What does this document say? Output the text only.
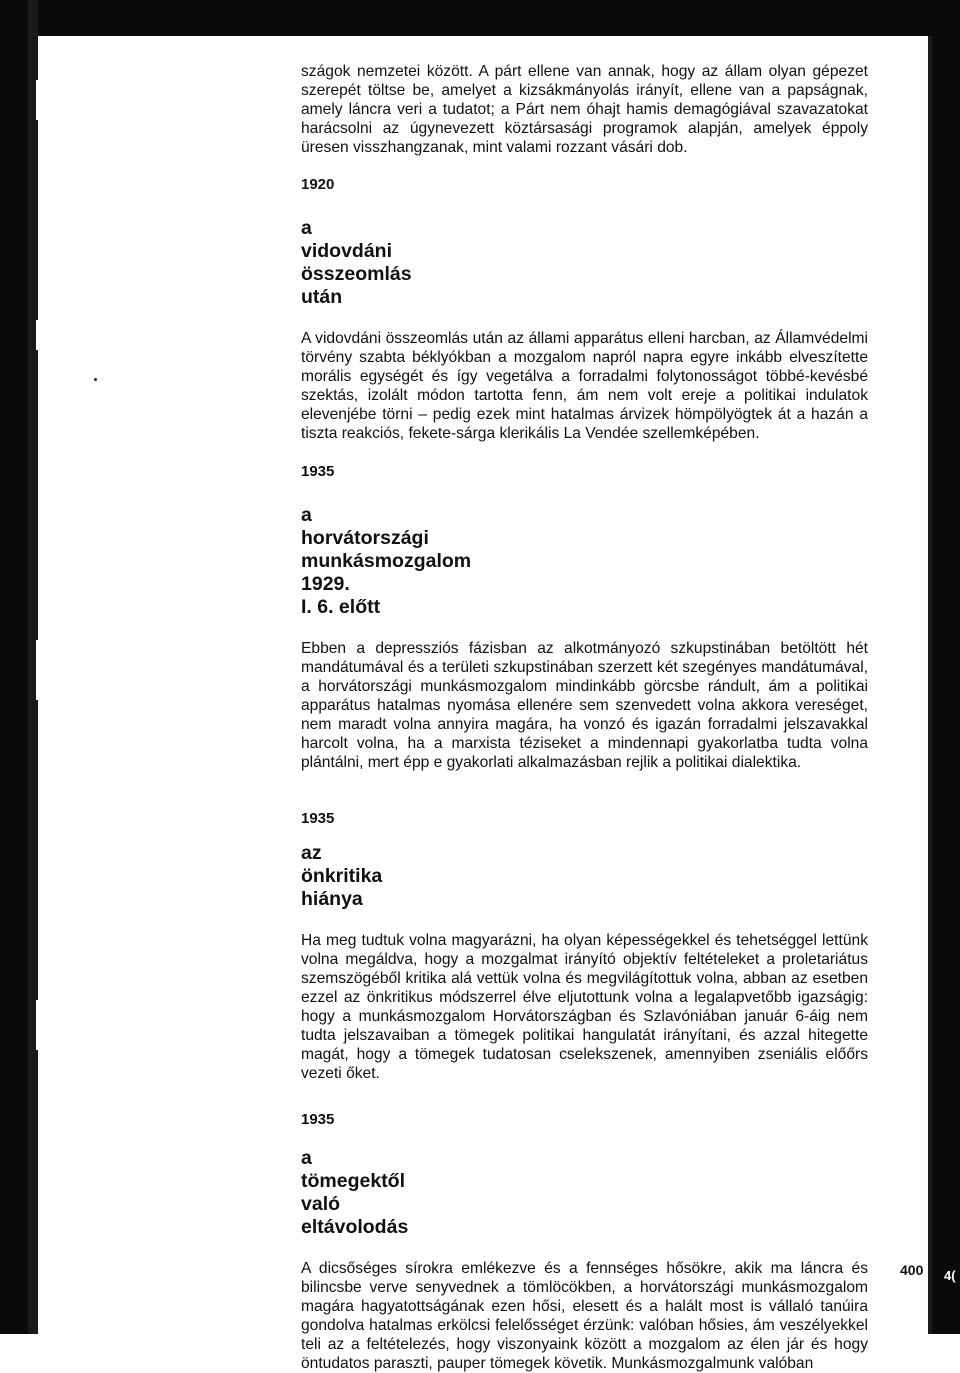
szágok nemzetei között. A párt ellene van annak, hogy az állam olyan gépezet szerepét töltse be, amelyet a kizsákmányolás irányít, ellene van a papságnak, amely láncra veri a tudatot; a Párt nem óhajt hamis demagógiával szavazatokat harácsolni az úgynevezett köztársasági programok alapján, amelyek éppoly üresen visszhangzanak, mint valami rozzant vásári dob.

1920
a
vidovdáni
összeomlás
után

A vidovdáni összeomlás után az állami apparátus elleni harcban, az Államvédelmi törvény szabta béklyókban a mozgalom napról napra egyre inkább elveszítette morális egységét és így vegetálva a forradalmi folytonosságot többé-kevésbé szektás, izolált módon tartotta fenn, ám nem volt ereje a politikai indulatok elevenjébe törni – pedig ezek mint hatalmas árvizek hömpölyögtek át a hazán a tiszta reakciós, fekete-sárga klerikális La Vendée szellemképében.

1935
a
horvátországi
munkásmozgalom
1929.
I. 6. előtt

Ebben a depressziós fázisban az alkotmányozó szkupstinában betöltött hét mandátumával és a területi szkupstinában szerzett két szegényes mandátumával, a horvátországi munkásmozgalom mindinkább görcsbe rándult, ám a politikai apparátus hatalmas nyomása ellenére sem szenvedett volna akkora vereséget, nem maradt volna annyira magára, ha vonzó és igazán forradalmi jelszavakkal harcolt volna, ha a marxista téziseket a mindennapi gyakorlatba tudta volna plántálni, mert épp e gyakorlati alkalmazásban rejlik a politikai dialektika.

1935
az
önkritika
hiánya

Ha meg tudtuk volna magyarázni, ha olyan képességekkel és tehetséggel lettünk volna megáldva, hogy a mozgalmat irányító objektív feltételeket a proletariátus szemszögéből kritika alá vettük volna és megvilágítottuk volna, abban az esetben ezzel az önkritikus módszerrel élve eljutottunk volna a legalapvetőbb igazságig: hogy a munkásmozgalom Horvátországban és Szlavóniában január 6-áig nem tudta jelszavaiban a tömegek politikai hangulatát irányítani, és azzal hitegette magát, hogy a tömegek tudatosan cselekszenek, amennyiben zseniális előőrs vezeti őket.

1935
a
tömegektől
való
eltávolodás

A dicsőséges sírokra emlékezve és a fennséges hősökre, akik ma láncra és bilincsbe verve senyvednek a tömlöcökben, a horvátországi munkásmozgalom magára hagyatottságának ezen hősi, elesett és a halált most is vállaló tanúira gondolva hatalmas erkölcsi felelősséget érzünk: valóban hősies, ám veszélyekkel teli az a feltételezés, hogy viszonyaink között a mozgalom az élen jár és hogy öntudatos paraszti, pauper tömegek követik. Munkásmozgalmunk valóban

400 4(
